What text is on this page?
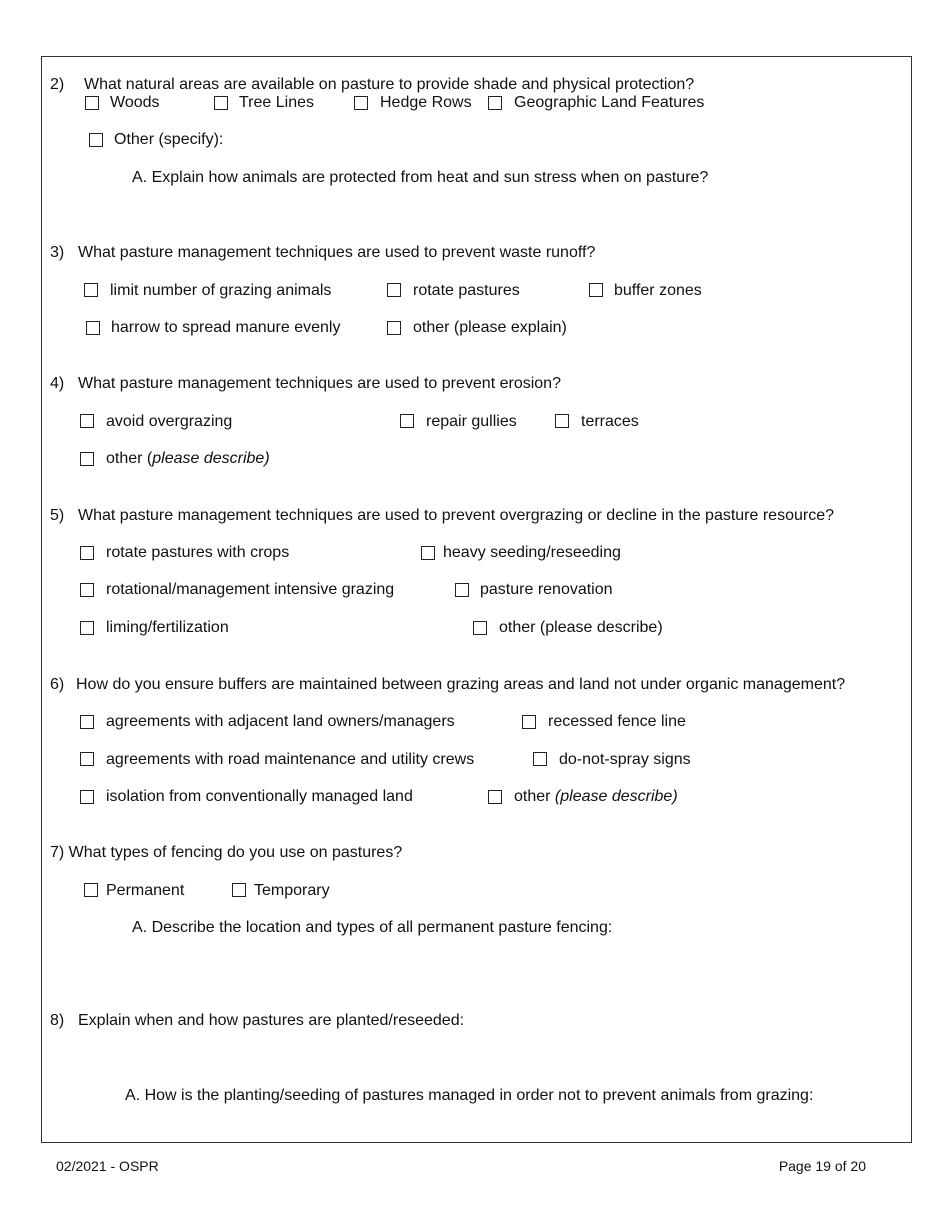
2) What natural areas are available on pasture to provide shade and physical protection?
Woods	Tree Lines	Hedge Rows	Geographic Land Features
Other (specify):
A. Explain how animals are protected from heat and sun stress when on pasture?
3) What pasture management techniques are used to prevent waste runoff?
limit number of grazing animals	rotate pastures	buffer zones
harrow to spread manure evenly	other (please explain)
4) What pasture management techniques are used to prevent erosion?
avoid overgrazing	repair gullies	terraces
other (please describe)
5) What pasture management techniques are used to prevent overgrazing or decline in the pasture resource?
rotate pastures with crops	heavy seeding/reseeding
rotational/management intensive grazing	pasture renovation
liming/fertilization	other (please describe)
6) How do you ensure buffers are maintained between grazing areas and land not under organic management?
agreements with adjacent land owners/managers	recessed fence line
agreements with road maintenance and utility crews	do-not-spray signs
isolation from conventionally managed land	other (please describe)
7) What types of fencing do you use on pastures?
Permanent	Temporary
A. Describe the location and types of all permanent pasture fencing:
8) Explain when and how pastures are planted/reseeded:
A. How is the planting/seeding of pastures managed in order not to prevent animals from grazing:
02/2021 - OSPR	Page 19 of 20
